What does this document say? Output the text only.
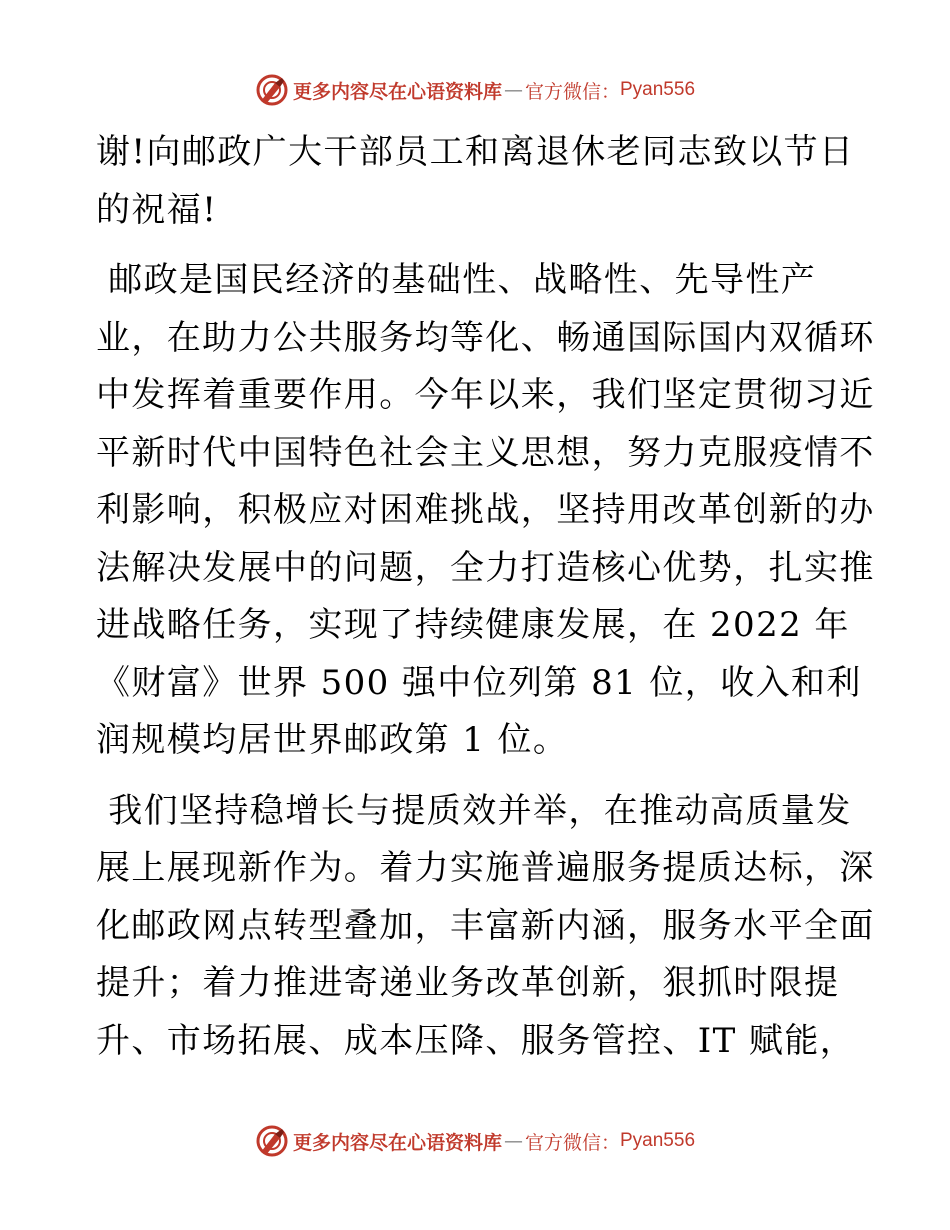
更多内容尽在心语资料库 — 官方微信： Pyan556

谢!向邮政广大干部员工和离退休老同志致以节日
的祝福!

邮政是国民经济的基础性、战略性、先导性产
业，在助力公共服务均等化、畅通国际国内双循环
中发挥着重要作用。今年以来，我们坚定贯彻习近
平新时代中国特色社会主义思想，努力克服疫情不
利影响，积极应对困难挑战，坚持用改革创新的办
法解决发展中的问题，全力打造核心优势，扎实推
进战略任务，实现了持续健康发展，在 2022 年
《财富》世界 500 强中位列第 81 位，收入和利
润规模均居世界邮政第 1 位。

我们坚持稳增长与提质效并举，在推动高质量发
展上展现新作为。着力实施普遍服务提质达标，深
化邮政网点转型叠加，丰富新内涵，服务水平全面
提升；着力推进寄递业务改革创新，狠抓时限提
升、市场拓展、成本压降、服务管控、IT 赋能，

更多内容尽在心语资料库 — 官方微信： Pyan556
